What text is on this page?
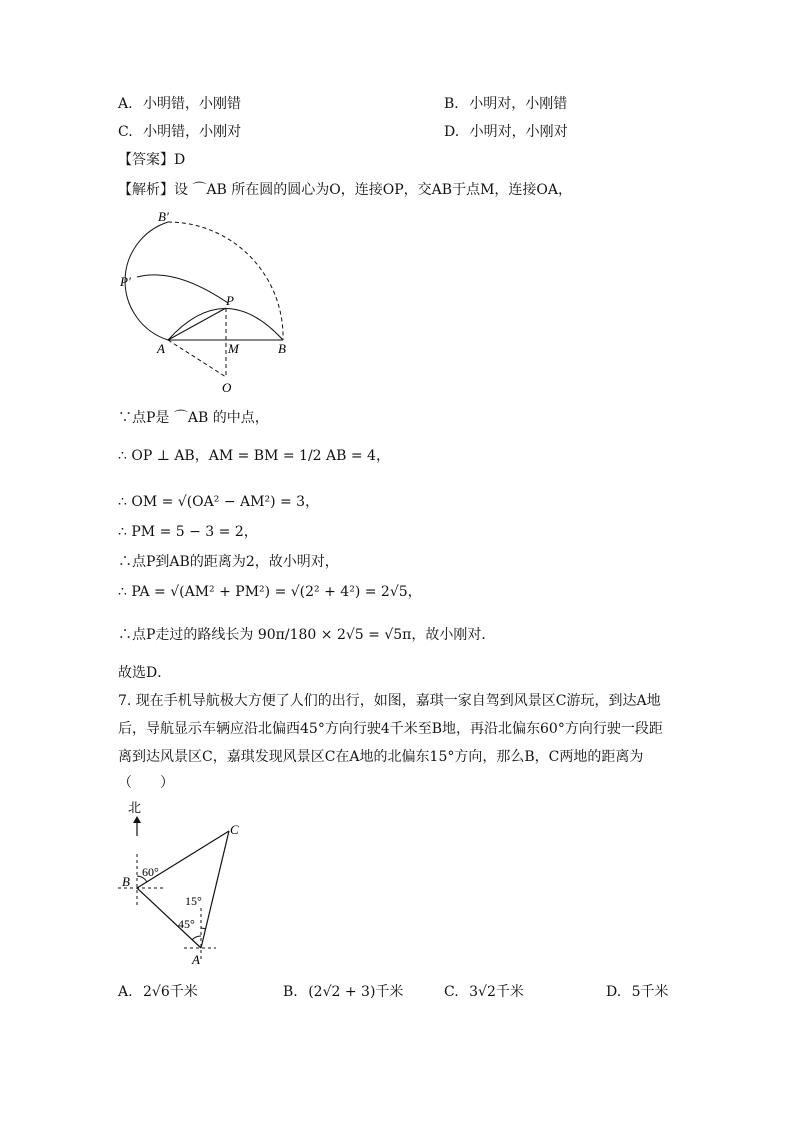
A. 小明错，小刚错	B. 小明对，小刚错
C. 小明错，小刚对	D. 小明对，小刚对
【答案】D
【解析】设 ⌒AB 所在圆的圆心为O，连接OP，交AB于点M，连接OA，
B′
P′
P
A	M	B
O
∵点P是 ⌒AB 的中点，
∴ OP ⊥ AB，AM = BM = 1/2 AB = 4，
∴ OM = √(OA² − AM²) = 3，
∴ PM = 5 − 3 = 2，
∴点P到AB的距离为2，故小明对，
∴ PA = √(AM² + PM²) = √(2² + 4²) = 2√5，
∴点P走过的路线长为 90π/180 × 2√5 = √5π，故小刚对．
故选D．
7. 现在手机导航极大方便了人们的出行，如图，嘉琪一家自驾到风景区C游玩，到达A地
后，导航显示车辆应沿北偏西45°方向行驶4千米至B地，再沿北偏东60°方向行驶一段距
离到达风景区C，嘉琪发现风景区C在A地的北偏东15°方向，那么B，C两地的距离为
（　　）
北
C
B
A
60°
15°
45°
A. 2√6千米	B. (2√2 + 3)千米	C. 3√2千米	D. 5千米
